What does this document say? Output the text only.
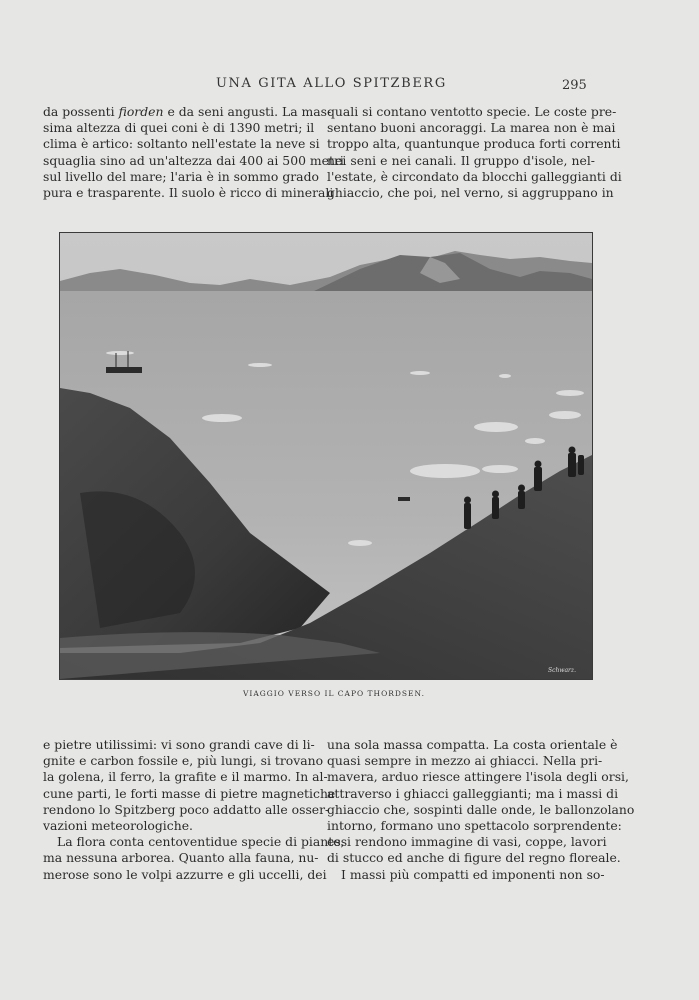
UNA GITA ALLO SPITZBERG	295
da possenti fiorden e da seni angusti. La mas-
sima altezza di quei coni è di 1390 metri; il
clima è artico: soltanto nell'estate la neve si
squaglia sino ad un'altezza dai 400 ai 500 metri
sul livello del mare; l'aria è in sommo grado
pura e trasparente. Il suolo è ricco di minerali
quali si contano ventotto specie. Le coste pre-
sentano buoni ancoraggi. La marea non è mai
troppo alta, quantunque produca forti correnti
nei seni e nei canali. Il gruppo d'isole, nel-
l'estate, è circondato da blocchi galleggianti di
ghiaccio, che poi, nel verno, si aggruppano in
Schwarz.
VIAGGIO VERSO IL CAPO THORDSEN.
e pietre utilissimi: vi sono grandi cave di li-
gnite e carbon fossile e, più lungi, si trovano
la golena, il ferro, la grafite e il marmo. In al-
cune parti, le forti masse di pietre magnetiche
rendono lo Spitzberg poco addatto alle osser-
vazioni meteorologiche.
La flora conta centoventidue specie di piante,
ma nessuna arborea. Quanto alla fauna, nu-
merose sono le volpi azzurre e gli uccelli, dei
una sola massa compatta. La costa orientale è
quasi sempre in mezzo ai ghiacci. Nella pri-
mavera, arduo riesce attingere l'isola degli orsi,
attraverso i ghiacci galleggianti; ma i massi di
ghiaccio che, sospinti dalle onde, le ballonzolano
intorno, formano uno spettacolo sorprendente:
essi rendono immagine di vasi, coppe, lavori
di stucco ed anche di figure del regno floreale.
I massi più compatti ed imponenti non so-
